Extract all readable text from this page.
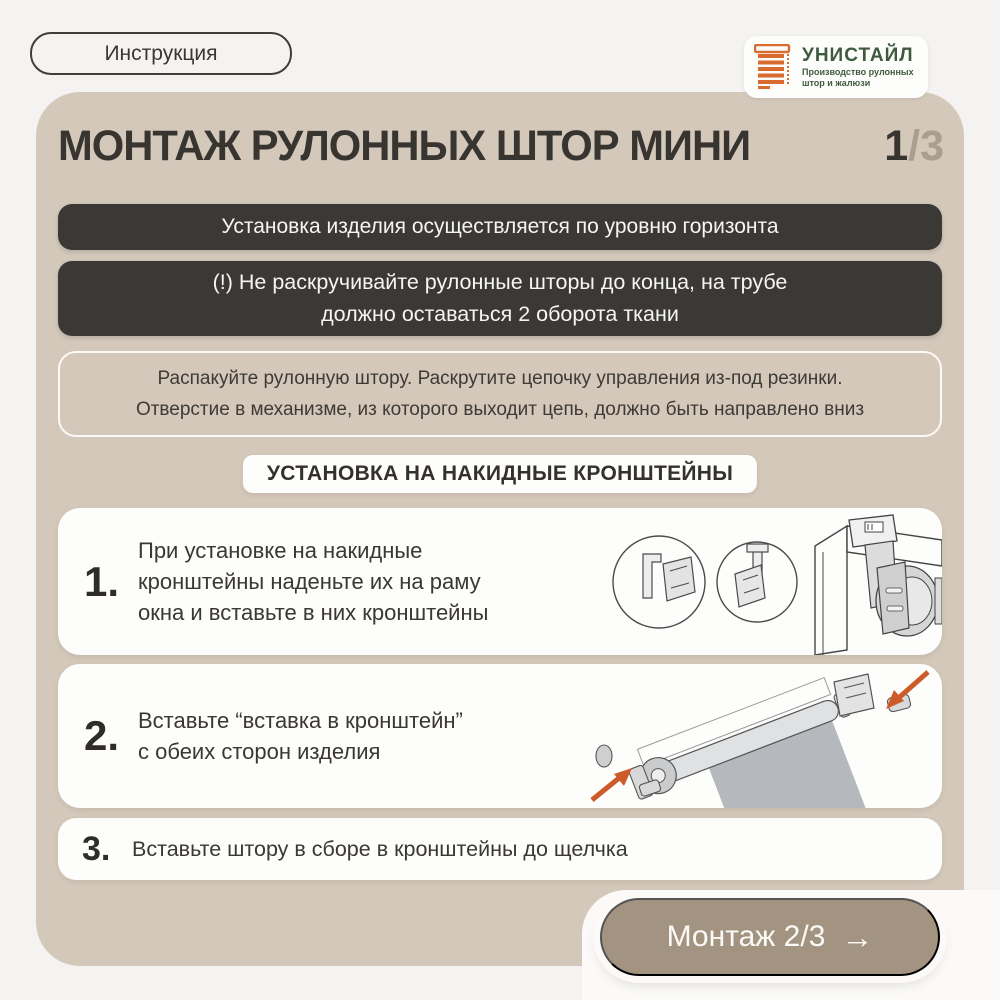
Инструкция	УНИСТАЙЛ
Производство рулонных штор и жалюзи
МОНТАЖ РУЛОННЫХ ШТОР МИНИ	1/3
Установка изделия осуществляется по уровню горизонта
(!) Не раскручивайте рулонные шторы до конца, на трубе
должно оставаться 2 оборота ткани
Распакуйте рулонную штору. Раскрутите цепочку управления из-под резинки.
Отверстие в механизме, из которого выходит цепь, должно быть направлено вниз
УСТАНОВКА НА НАКИДНЫЕ КРОНШТЕЙНЫ
1.
При установке на накидные
кронштейны наденьте их на раму
окна и вставьте в них кронштейны
2. Вставьте “вставка в кронштейн”
с обеих сторон изделия
3.	Вставьте штору в сборе в кронштейны до щелчка
Монтаж 2/3 →
